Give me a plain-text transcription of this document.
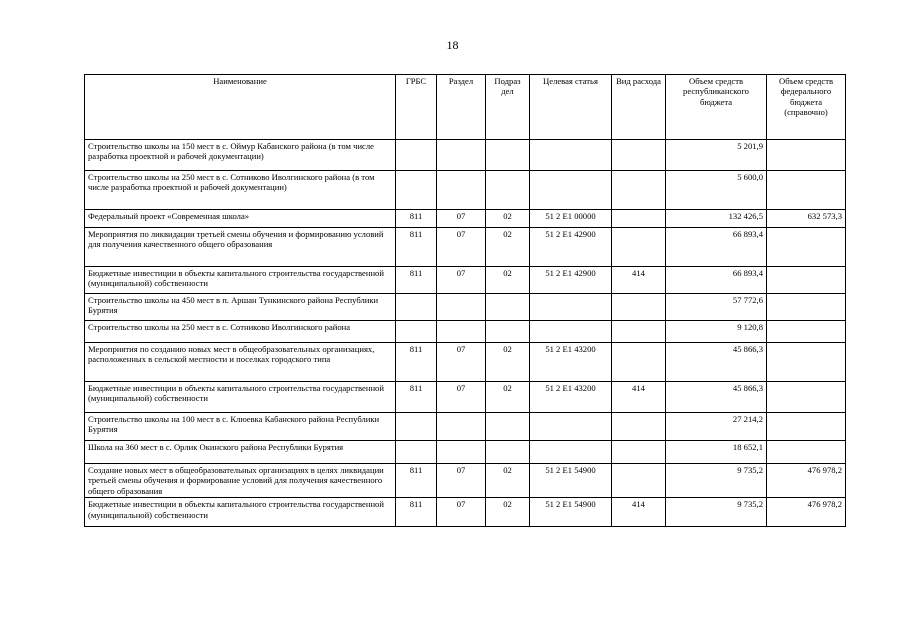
18
Наименование	ГРБС	Раздел	Подраз дел	Целевая статья	Вид расхода	Объем средств республиканского бюджета	Объем средств федерального бюджета (справочно)
Строительство школы на 150 мест в с. Оймур Кабанского района (в том числе разработка проектной и рабочей документации)						5 201,9	
Строительство школы на 250 мест в с. Сотниково Иволгинского района (в том числе разработка проектной и рабочей документации)						5 600,0	
Федеральный проект «Современная школа»	811	07	02	51 2 E1 00000		132 426,5	632 573,3
Мероприятия по ликвидации третьей смены обучения и формированию условий для получения качественного общего образования	811	07	02	51 2 E1 42900		66 893,4	
Бюджетные инвестиции в объекты капитального строительства государственной (муниципальной) собственности	811	07	02	51 2 E1 42900	414	66 893,4	
Строительство школы на 450 мест в п. Аршан Тункинского района Республики Бурятия						57 772,6	
Строительство школы на 250 мест в с. Сотниково Иволгинского района						9 120,8	
Мероприятия по созданию новых мест в общеобразовательных организациях, расположенных в сельской местности и поселках городского типа	811	07	02	51 2 E1 43200		45 866,3	
Бюджетные инвестиции в объекты капитального строительства государственной (муниципальной) собственности	811	07	02	51 2 E1 43200	414	45 866,3	
Строительство школы на 100 мест в с. Клюевка Кабанского района Республики Бурятия						27 214,2	
Школа на 360 мест в с. Орлик Окинского района Республики Бурятия						18 652,1	
Создание новых мест в общеобразовательных организациях в целях ликвидации третьей смены обучения и формирование условий для получения качественного общего образования	811	07	02	51 2 E1 54900		9 735,2	476 978,2
Бюджетные инвестиции в объекты капитального строительства государственной (муниципальной) собственности	811	07	02	51 2 E1 54900	414	9 735,2	476 978,2
